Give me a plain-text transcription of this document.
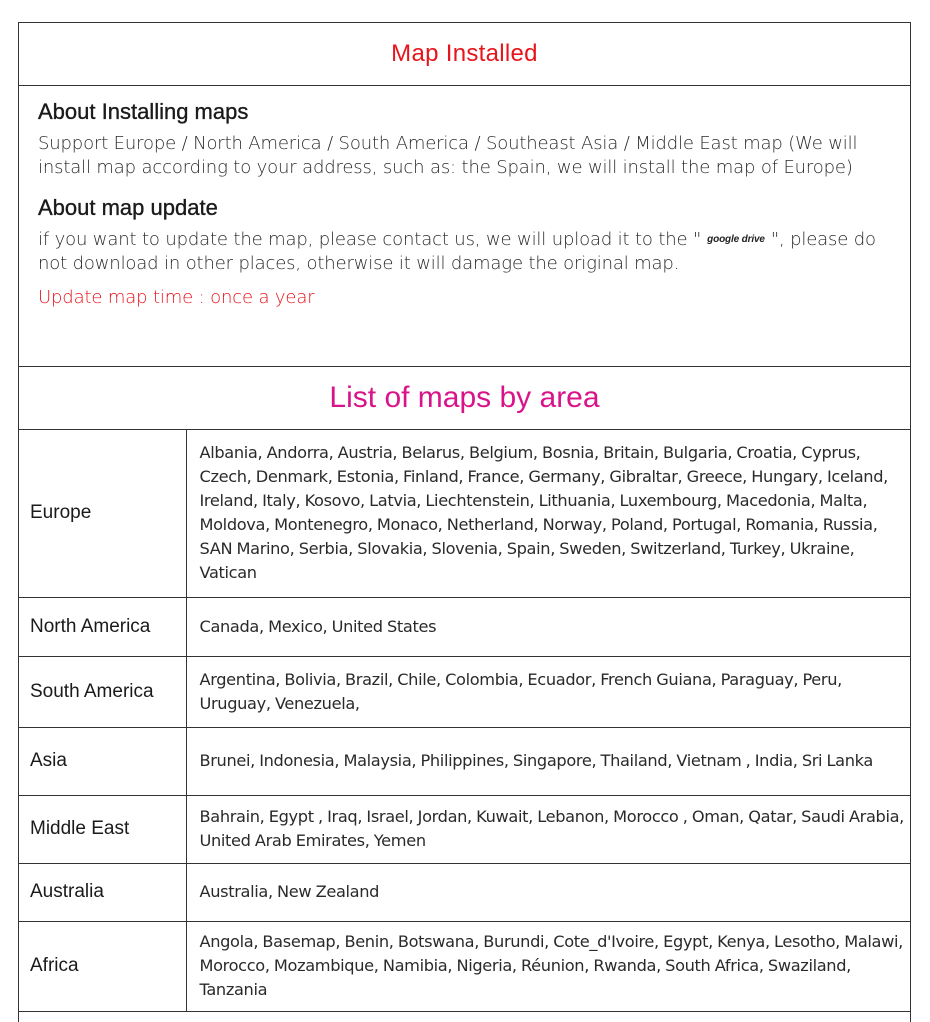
Map Installed
About Installing maps

Support Europe / North America / South America / Southeast Asia / Middle East map (We will install map according to your address, such as: the Spain, we will install the map of Europe)

About map update

if you want to update the map, please contact us, we will upload it to the " google drive ", please do not download in other places, otherwise it will damage the original map.

Update map time : once a year

List of maps by area
Europe	Albania, Andorra, Austria, Belarus, Belgium, Bosnia, Britain, Bulgaria, Croatia, Cyprus, Czech, Denmark, Estonia, Finland, France, Germany, Gibraltar, Greece, Hungary, Iceland, Ireland, Italy, Kosovo, Latvia, Liechtenstein, Lithuania, Luxembourg, Macedonia, Malta, Moldova, Montenegro, Monaco, Netherland, Norway, Poland, Portugal, Romania, Russia, SAN Marino, Serbia, Slovakia, Slovenia, Spain, Sweden, Switzerland, Turkey, Ukraine, Vatican
North America	Canada, Mexico, United States
South America	Argentina, Bolivia, Brazil, Chile, Colombia, Ecuador, French Guiana, Paraguay, Peru, Uruguay, Venezuela,
Asia	Brunei, Indonesia, Malaysia, Philippines, Singapore, Thailand, Vietnam , India, Sri Lanka
Middle East	Bahrain, Egypt , Iraq, Israel, Jordan, Kuwait, Lebanon, Morocco , Oman, Qatar, Saudi Arabia, United Arab Emirates, Yemen
Australia	Australia, New Zealand
Africa	Angola, Basemap, Benin, Botswana, Burundi, Cote_d'Ivoire, Egypt, Kenya, Lesotho, Malawi, Morocco, Mozambique, Namibia, Nigeria, Réunion, Rwanda, South Africa, Swaziland, Tanzania
